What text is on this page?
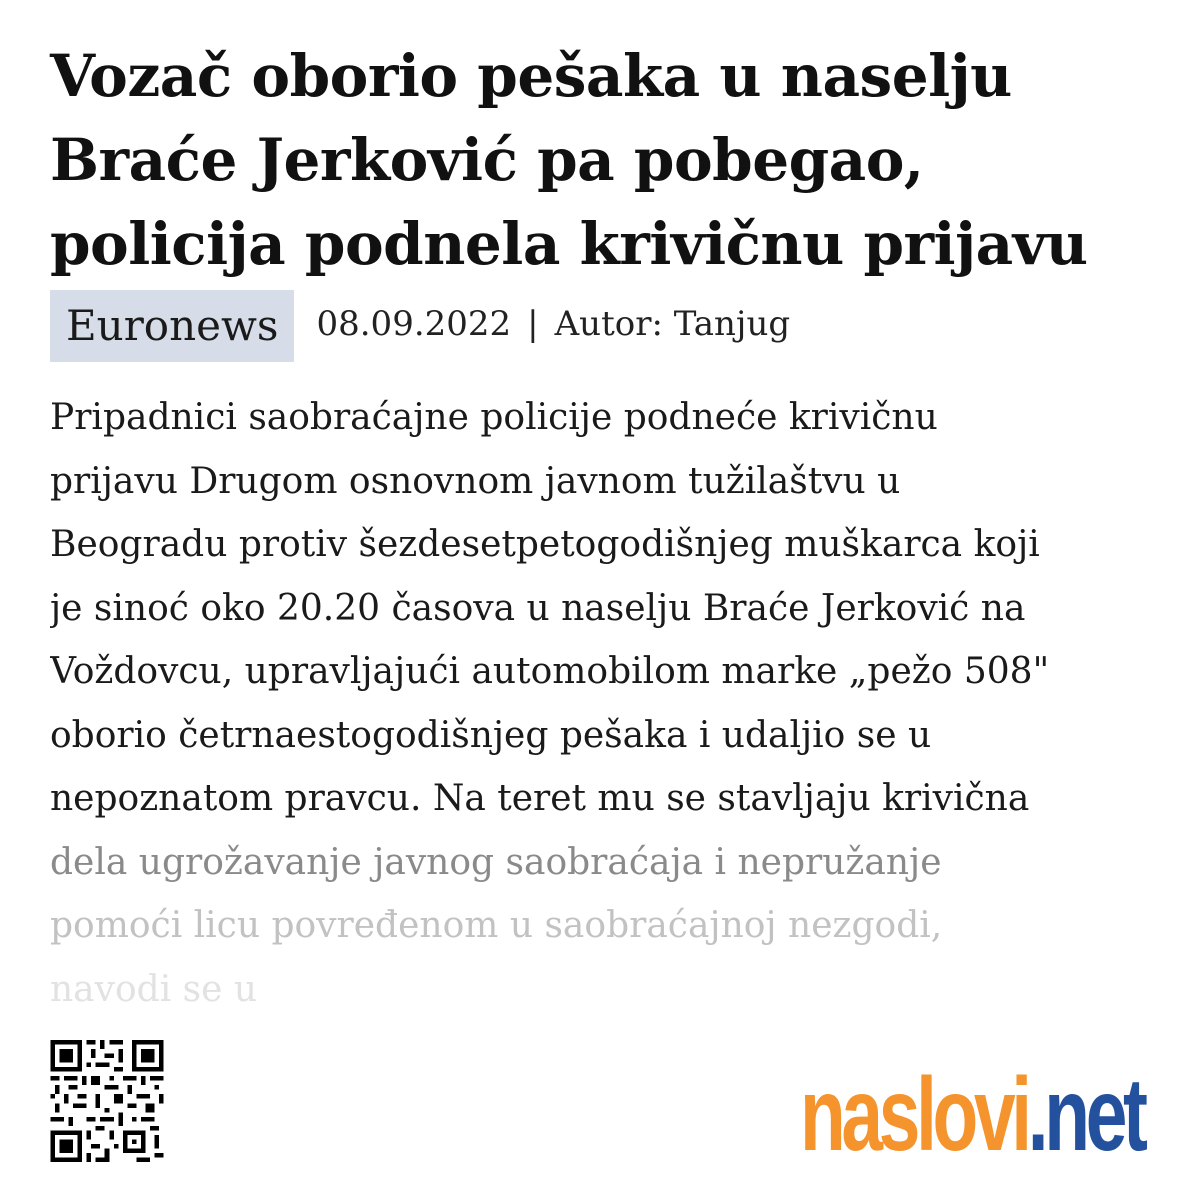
Vozač oborio pešaka u naselju
Braće Jerković pa pobegao,
policija podnela krivičnu prijavu
Euronews	08.09.2022 | Autor: Tanjug
Pripadnici saobraćajne policije podneće krivičnu
prijavu Drugom osnovnom javnom tužilaštvu u
Beogradu protiv šezdesetpetogodišnjeg muškarca koji
je sinoć oko 20.20 časova u naselju Braće Jerković na
Voždovcu, upravljajući automobilom marke „pežo 508"
oborio četrnaestogodišnjeg pešaka i udaljio se u
nepoznatom pravcu. Na teret mu se stavljaju krivična
dela ugrožavanje javnog saobraćaja i nepružanje
pomoći licu povređenom u saobraćajnoj nezgodi,
navodi se u
naslovi.net
